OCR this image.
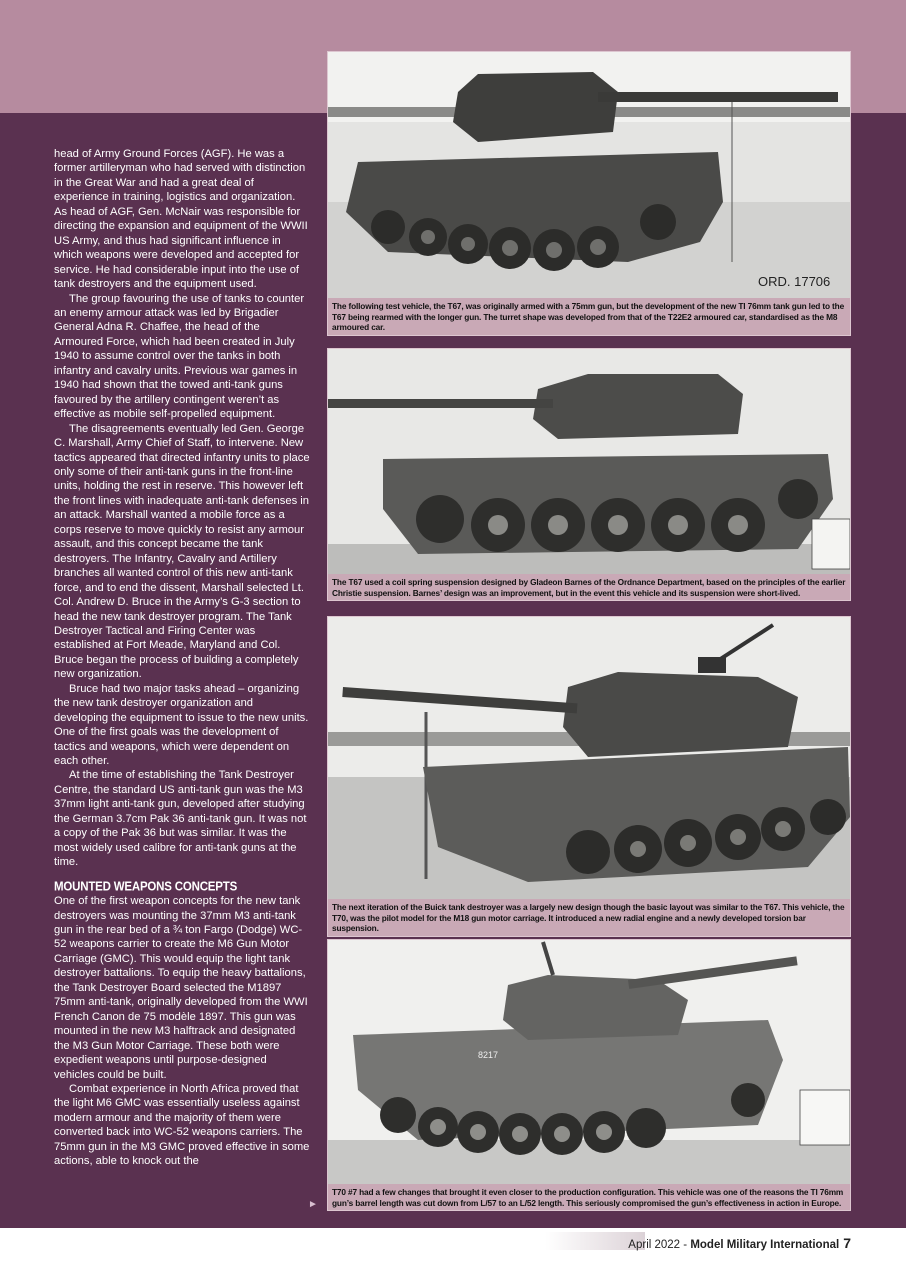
head of Army Ground Forces (AGF). He was a former artilleryman who had served with distinction in the Great War and had a great deal of experience in training, logistics and organization. As head of AGF, Gen. McNair was responsible for directing the expansion and equipment of the WWII US Army, and thus had significant influence in which weapons were developed and accepted for service. He had considerable input into the use of tank destroyers and the equipment used.

The group favouring the use of tanks to counter an enemy armour attack was led by Brigadier General Adna R. Chaffee, the head of the Armoured Force, which had been created in July 1940 to assume control over the tanks in both infantry and cavalry units. Previous war games in 1940 had shown that the towed anti-tank guns favoured by the artillery contingent weren’t as effective as mobile self-propelled equipment.

The disagreements eventually led Gen. George C. Marshall, Army Chief of Staff, to intervene. New tactics appeared that directed infantry units to place only some of their anti-tank guns in the front-line units, holding the rest in reserve. This however left the front lines with inadequate anti-tank defenses in an attack. Marshall wanted a mobile force as a corps reserve to move quickly to resist any armour assault, and this concept became the tank destroyers. The Infantry, Cavalry and Artillery branches all wanted control of this new anti-tank force, and to end the dissent, Marshall selected Lt. Col. Andrew D. Bruce in the Army’s G-3 section to head the new tank destroyer program. The Tank Destroyer Tactical and Firing Center was established at Fort Meade, Maryland and Col. Bruce began the process of building a completely new organization.

Bruce had two major tasks ahead – organizing the new tank destroyer organization and developing the equipment to issue to the new units. One of the first goals was the development of tactics and weapons, which were dependent on each other.

At the time of establishing the Tank Destroyer Centre, the standard US anti-tank gun was the M3 37mm light anti-tank gun, developed after studying the German 3.7cm Pak 36 anti-tank gun. It was not a copy of the Pak 36 but was similar. It was the most widely used calibre for anti-tank guns at the time.

MOUNTED WEAPONS CONCEPTS

One of the first weapon concepts for the new tank destroyers was mounting the 37mm M3 anti-tank gun in the rear bed of a ¾ ton Fargo (Dodge) WC-52 weapons carrier to create the M6 Gun Motor Carriage (GMC). This would equip the light tank destroyer battalions. To equip the heavy battalions, the Tank Destroyer Board selected the M1897 75mm anti-tank, originally developed from the WWI French Canon de 75 modèle 1897. This gun was mounted in the new M3 halftrack and designated the M3 Gun Motor Carriage. These both were expedient weapons until purpose-designed vehicles could be built.

Combat experience in North Africa proved that the light M6 GMC was essentially useless against modern armour and the majority of them were converted back into WC-52 weapons carriers. The 75mm gun in the M3 GMC proved effective in some actions, able to knock out the

►
ORD. 17706
The following test vehicle, the T67, was originally armed with a 75mm gun, but the development of the new TI 76mm tank gun led to the T67 being rearmed with the longer gun. The turret shape was developed from that of the T22E2 armoured car, standardised as the M8 armoured car.
The T67 used a coil spring suspension designed by Gladeon Barnes of the Ordnance Department, based on the principles of the earlier Christie suspension. Barnes’ design was an improvement, but in the event this vehicle and its suspension were short-lived.
The next iteration of the Buick tank destroyer was a largely new design though the basic layout was similar to the T67. This vehicle, the T70, was the pilot model for the M18 gun motor carriage. It introduced a new radial engine and a newly developed torsion bar suspension.
8217
T70 #7 had a few changes that brought it even closer to the production configuration. This vehicle was one of the reasons the TI 76mm gun’s barrel length was cut down from L/57 to an L/52 length. This seriously compromised the gun’s effectiveness in action in Europe.
April 2022 - Model Military International 7
